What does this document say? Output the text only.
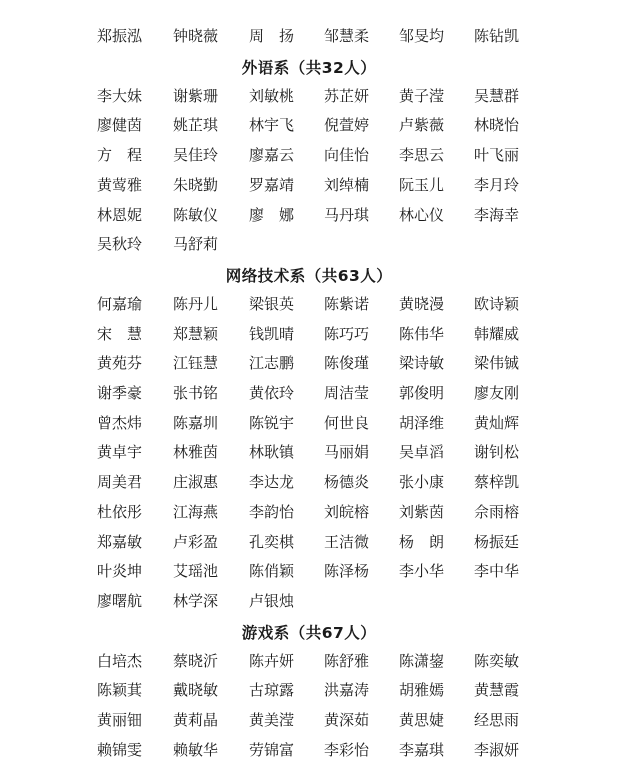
郑振泓	钟晓薇	周　扬	邹慧柔	邹旻均	陈钻凯
外语系（共32人）
李大妹	谢紫珊	刘敏桃	苏芷妍	黄子滢	吴慧群
廖健茵	姚芷琪	林宇飞	倪萱婷	卢紫薇	林晓怡
方　程	吴佳玲	廖嘉云	向佳怡	李思云	叶飞丽
黄莺雅	朱晓勤	罗嘉靖	刘绰楠	阮玉儿	李月玲
林恩妮	陈敏仪	廖　娜	马丹琪	林心仪	李海幸
吴秋玲	马舒莉
网络技术系（共63人）
何嘉瑜	陈丹儿	梁银英	陈紫诺	黄晓漫	欧诗颖
宋　慧	郑慧颖	钱凯晴	陈巧巧	陈伟华	韩耀威
黄苑芬	江钰慧	江志鹏	陈俊瑾	梁诗敏	梁伟铖
谢季豪	张书铭	黄依玲	周洁莹	郭俊明	廖友刚
曾杰炜	陈嘉圳	陈锐宇	何世良	胡泽维	黄灿辉
黄卓宇	林雅茵	林耿镇	马丽娟	吴卓滔	谢钊松
周美君	庄淑惠	李达龙	杨德炎	张小康	蔡梓凯
杜依彤	江海燕	李韵怡	刘皖榕	刘紫茵	佘雨榕
郑嘉敏	卢彩盈	孔奕棋	王洁微	杨　朗	杨振廷
叶炎坤	艾瑶池	陈俏颖	陈泽杨	李小华	李中华
廖曙航	林学深	卢银烛
游戏系（共67人）
白培杰	蔡晓沂	陈卉妍	陈舒雅	陈潇鋆	陈奕敏
陈颖萁	戴晓敏	古琼露	洪嘉涛	胡雅嫣	黄慧霞
黄丽钿	黄莉晶	黄美滢	黄深茹	黄思婕	经思雨
赖锦雯	赖敏华	劳锦富	李彩怡	李嘉琪	李淑妍
